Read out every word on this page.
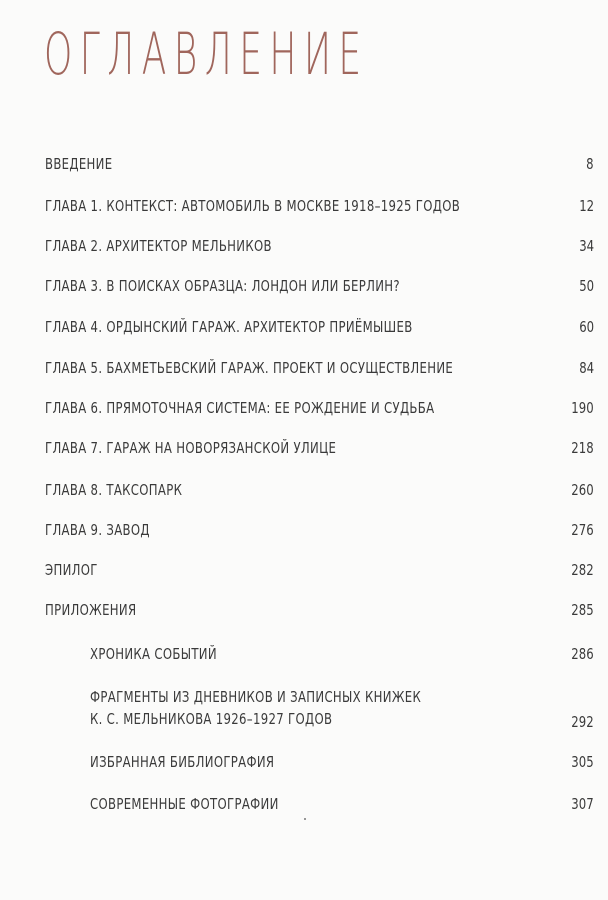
ОГЛАВЛЕНИЕ
ВВЕДЕНИЕ	8
ГЛАВА 1. КОНТЕКСТ: АВТОМОБИЛЬ В МОСКВЕ 1918–1925 ГОДОВ	12
ГЛАВА 2. АРХИТЕКТОР МЕЛЬНИКОВ	34
ГЛАВА 3. В ПОИСКАХ ОБРАЗЦА: ЛОНДОН ИЛИ БЕРЛИН?	50
ГЛАВА 4. ОРДЫНСКИЙ ГАРАЖ. АРХИТЕКТОР ПРИЁМЫШЕВ	60
ГЛАВА 5. БАХМЕТЬЕВСКИЙ ГАРАЖ. ПРОЕКТ И ОСУЩЕСТВЛЕНИЕ	84
ГЛАВА 6. ПРЯМОТОЧНАЯ СИСТЕМА: ЕЕ РОЖДЕНИЕ И СУДЬБА	190
ГЛАВА 7. ГАРАЖ НА НОВОРЯЗАНСКОЙ УЛИЦЕ	218
ГЛАВА 8. ТАКСОПАРК	260
ГЛАВА 9. ЗАВОД	276
ЭПИЛОГ	282
ПРИЛОЖЕНИЯ	285
ХРОНИКА СОБЫТИЙ	286
ФРАГМЕНТЫ ИЗ ДНЕВНИКОВ И ЗАПИСНЫХ КНИЖЕК
К. С. МЕЛЬНИКОВА 1926–1927 ГОДОВ	292
ИЗБРАННАЯ БИБЛИОГРАФИЯ	305
СОВРЕМЕННЫЕ ФОТОГРАФИИ	307
